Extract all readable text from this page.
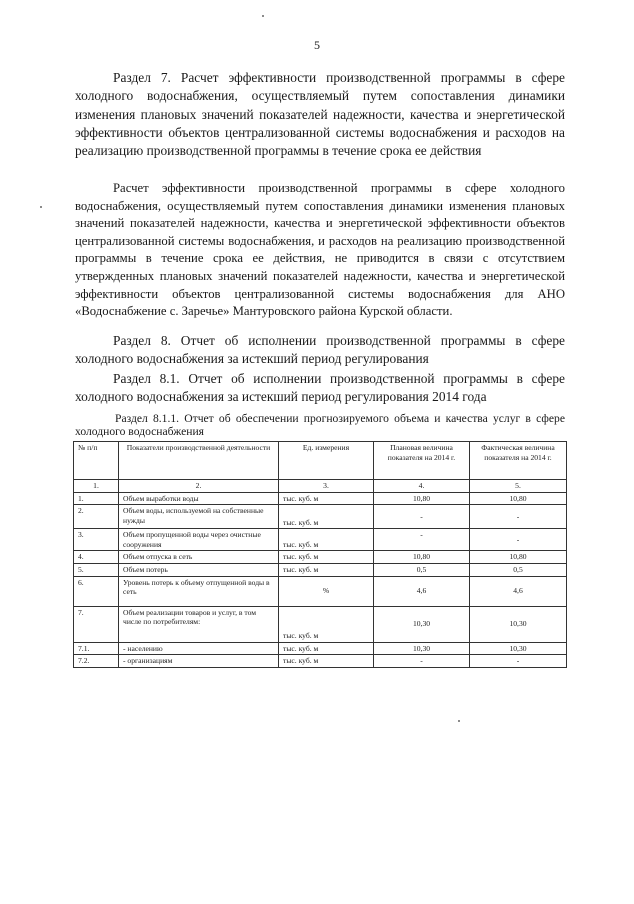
5

Раздел 7. Расчет эффективности производственной программы в сфере холодного водоснабжения, осуществляемый путем сопоставления динамики изменения плановых значений показателей надежности, качества и энергетической эффективности объектов централизованной системы водоснабжения и расходов на реализацию производственной программы в течение срока ее действия

Расчет эффективности производственной программы в сфере холодного водоснабжения, осуществляемый путем сопоставления динамики изменения плановых значений показателей надежности, качества и энергетической эффективности объектов централизованной системы водоснабжения, и расходов на реализацию производственной программы в течение срока ее действия, не приводится в связи с отсутствием утвержденных плановых значений показателей надежности, качества и энергетической эффективности объектов централизованной системы водоснабжения для АНО «Водоснабжение с. Заречье» Мантуровского района Курской области.

Раздел 8. Отчет об исполнении производственной программы в сфере холодного водоснабжения за истекший период регулирования

Раздел 8.1. Отчет об исполнении производственной программы в сфере холодного водоснабжения за истекший период регулирования 2014 года

Раздел 8.1.1. Отчет об обеспечении прогнозируемого объема и качества услуг в сфере холодного водоснабжения

№ п/п	Показатели производственной деятельности	Ед. измерения	Плановая величина показателя на 2014 г.	Фактическая величина показателя на 2014 г.
1.	2.	3.	4.	5.
1.	Объем выработки воды	тыс. куб. м	10,80	10,80
2.	Объем воды, используемой на собственные нужды	тыс. куб. м	-	-
3.	Объем пропущенной воды через очистные сооружения	тыс. куб. м	-	-
4.	Объем отпуска в сеть	тыс. куб. м	10,80	10,80
5.	Объем потерь	тыс. куб. м	0,5	0,5
6.	Уровень потерь к объему отпущенной воды в сеть	%	4,6	4,6
7.	Объем реализации товаров и услуг, в том числе по потребителям:	тыс. куб. м	10,30	10,30
7.1.	- населению	тыс. куб. м	10,30	10,30
7.2.	- организациям	тыс. куб. м	-	-
